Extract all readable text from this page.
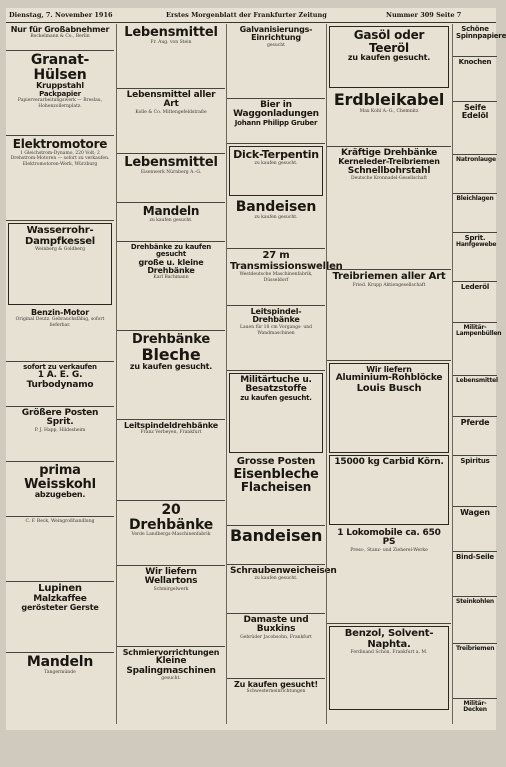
Dienstag, 7. November 1916	Erstes Morgenblatt der Frankfurter Zeitung	Nummer 309 Seite 7
Nur für Großabnehmer
Bockelmann & Co., Berlin
Granat-Hülsen
Kruppstahl
Packpapier
Papierverarbeitungswerk — Breslau, Hohenzollernplatz.
Elektromotore
1 Gleichstrom-Dynamo, 220 Volt; 2 Drehstrom-Motoren — sofort zu verkaufen.
Elektromotoren-Werk, Würzburg
Wasserrohr-Dampfkessel
Weinberg & Goldberg
Benzin-Motor
Original Deutz. Gebrauchsfähig, sofort lieferbar.
sofort zu verkaufen
1 A. E. G. Turbodynamo
Größere Posten Sprit.
P. J. Happ, Hildesheim
prima Weisskohl
abzugeben.
C. F. Beck, Weingroßhandlung
Lupinen
Malzkaffee
gerösteter Gerste
Mandeln
Tangermünde
Lebensmittel
Fr. Aug. von Stein
Lebensmittel aller Art
Kolle & Co. Mittengefeldstraße
Lebensmittel
Eisenwerk Nürnberg A.-G.
Mandeln
zu kaufen gesucht.
Drehbänke zu kaufen gesucht
große u. kleine Drehbänke
Karl Bachmann
Drehbänke
Bleche
zu kaufen gesucht.
Leitspindeldrehbänke
Franz Verbeyen, Frankfurt
20 Drehbänke
Verde Landbergs-Maschinenfabrik
Wir liefern Wellartons
Schmirgelwerk
Schmiervorrichtungen
Kleine Spalingmaschinen
gesucht.
Galvanisierungs-Einrichtung
gesucht
Bier in Waggonladungen
Johann Philipp Gruber
Dick-Terpentin
zu kaufen gesucht.
Bandeisen
zu kaufen gesucht.
27 m Transmissionswellen
Westdeutsche Maschinenfabrik, Düsseldorf
Leitspindel-Drehbänke
Lauen für 18 cm Vorgangs- und Wandmaschinen
Militärtuche u. Besatzstoffe
zu kaufen gesucht.
Grosse Posten
Eisenbleche
Flacheisen
Bandeisen
Schraubenweicheisen
zu kaufen gesucht.
Damaste und Buxkins
Gebrüder Jacobsohn, Frankfurt
Zu kaufen gesucht!
Schwesterneinrichtungen
Gasöl oder Teeröl
zu kaufen gesucht.
Erdbleikabel
Max Kohl A.-G., Chemnitz
Kräftige Drehbänke
Kerneleder-Treibriemen
Schnellbohrstahl
Deutsche Kronnadel-Gesellschaft
Treibriemen aller Art
Fried. Krupp Aktiengesellschaft
Wir liefern
Aluminium-Rohblöcke
Louis Busch
15000 kg Carbid Körn.
1 Lokomobile ca. 650 PS
Press-, Stanz- und Zieherei-Werke
Benzol, Solvent-Naphta.
Ferdinand Schön, Frankfurt a. M.
Schöne Spinnpapiere
Knochen
Seife
Edelöl
Natronlauge
Bleichlagen
Sprit.
Hanfgewebe
Lederöl
Militär-Lampenbüllen
Lebensmittel
Pferde
Spiritus
Wagen
Bind-Seile
Steinkohlen
Treibriemen
Militär-Decken
